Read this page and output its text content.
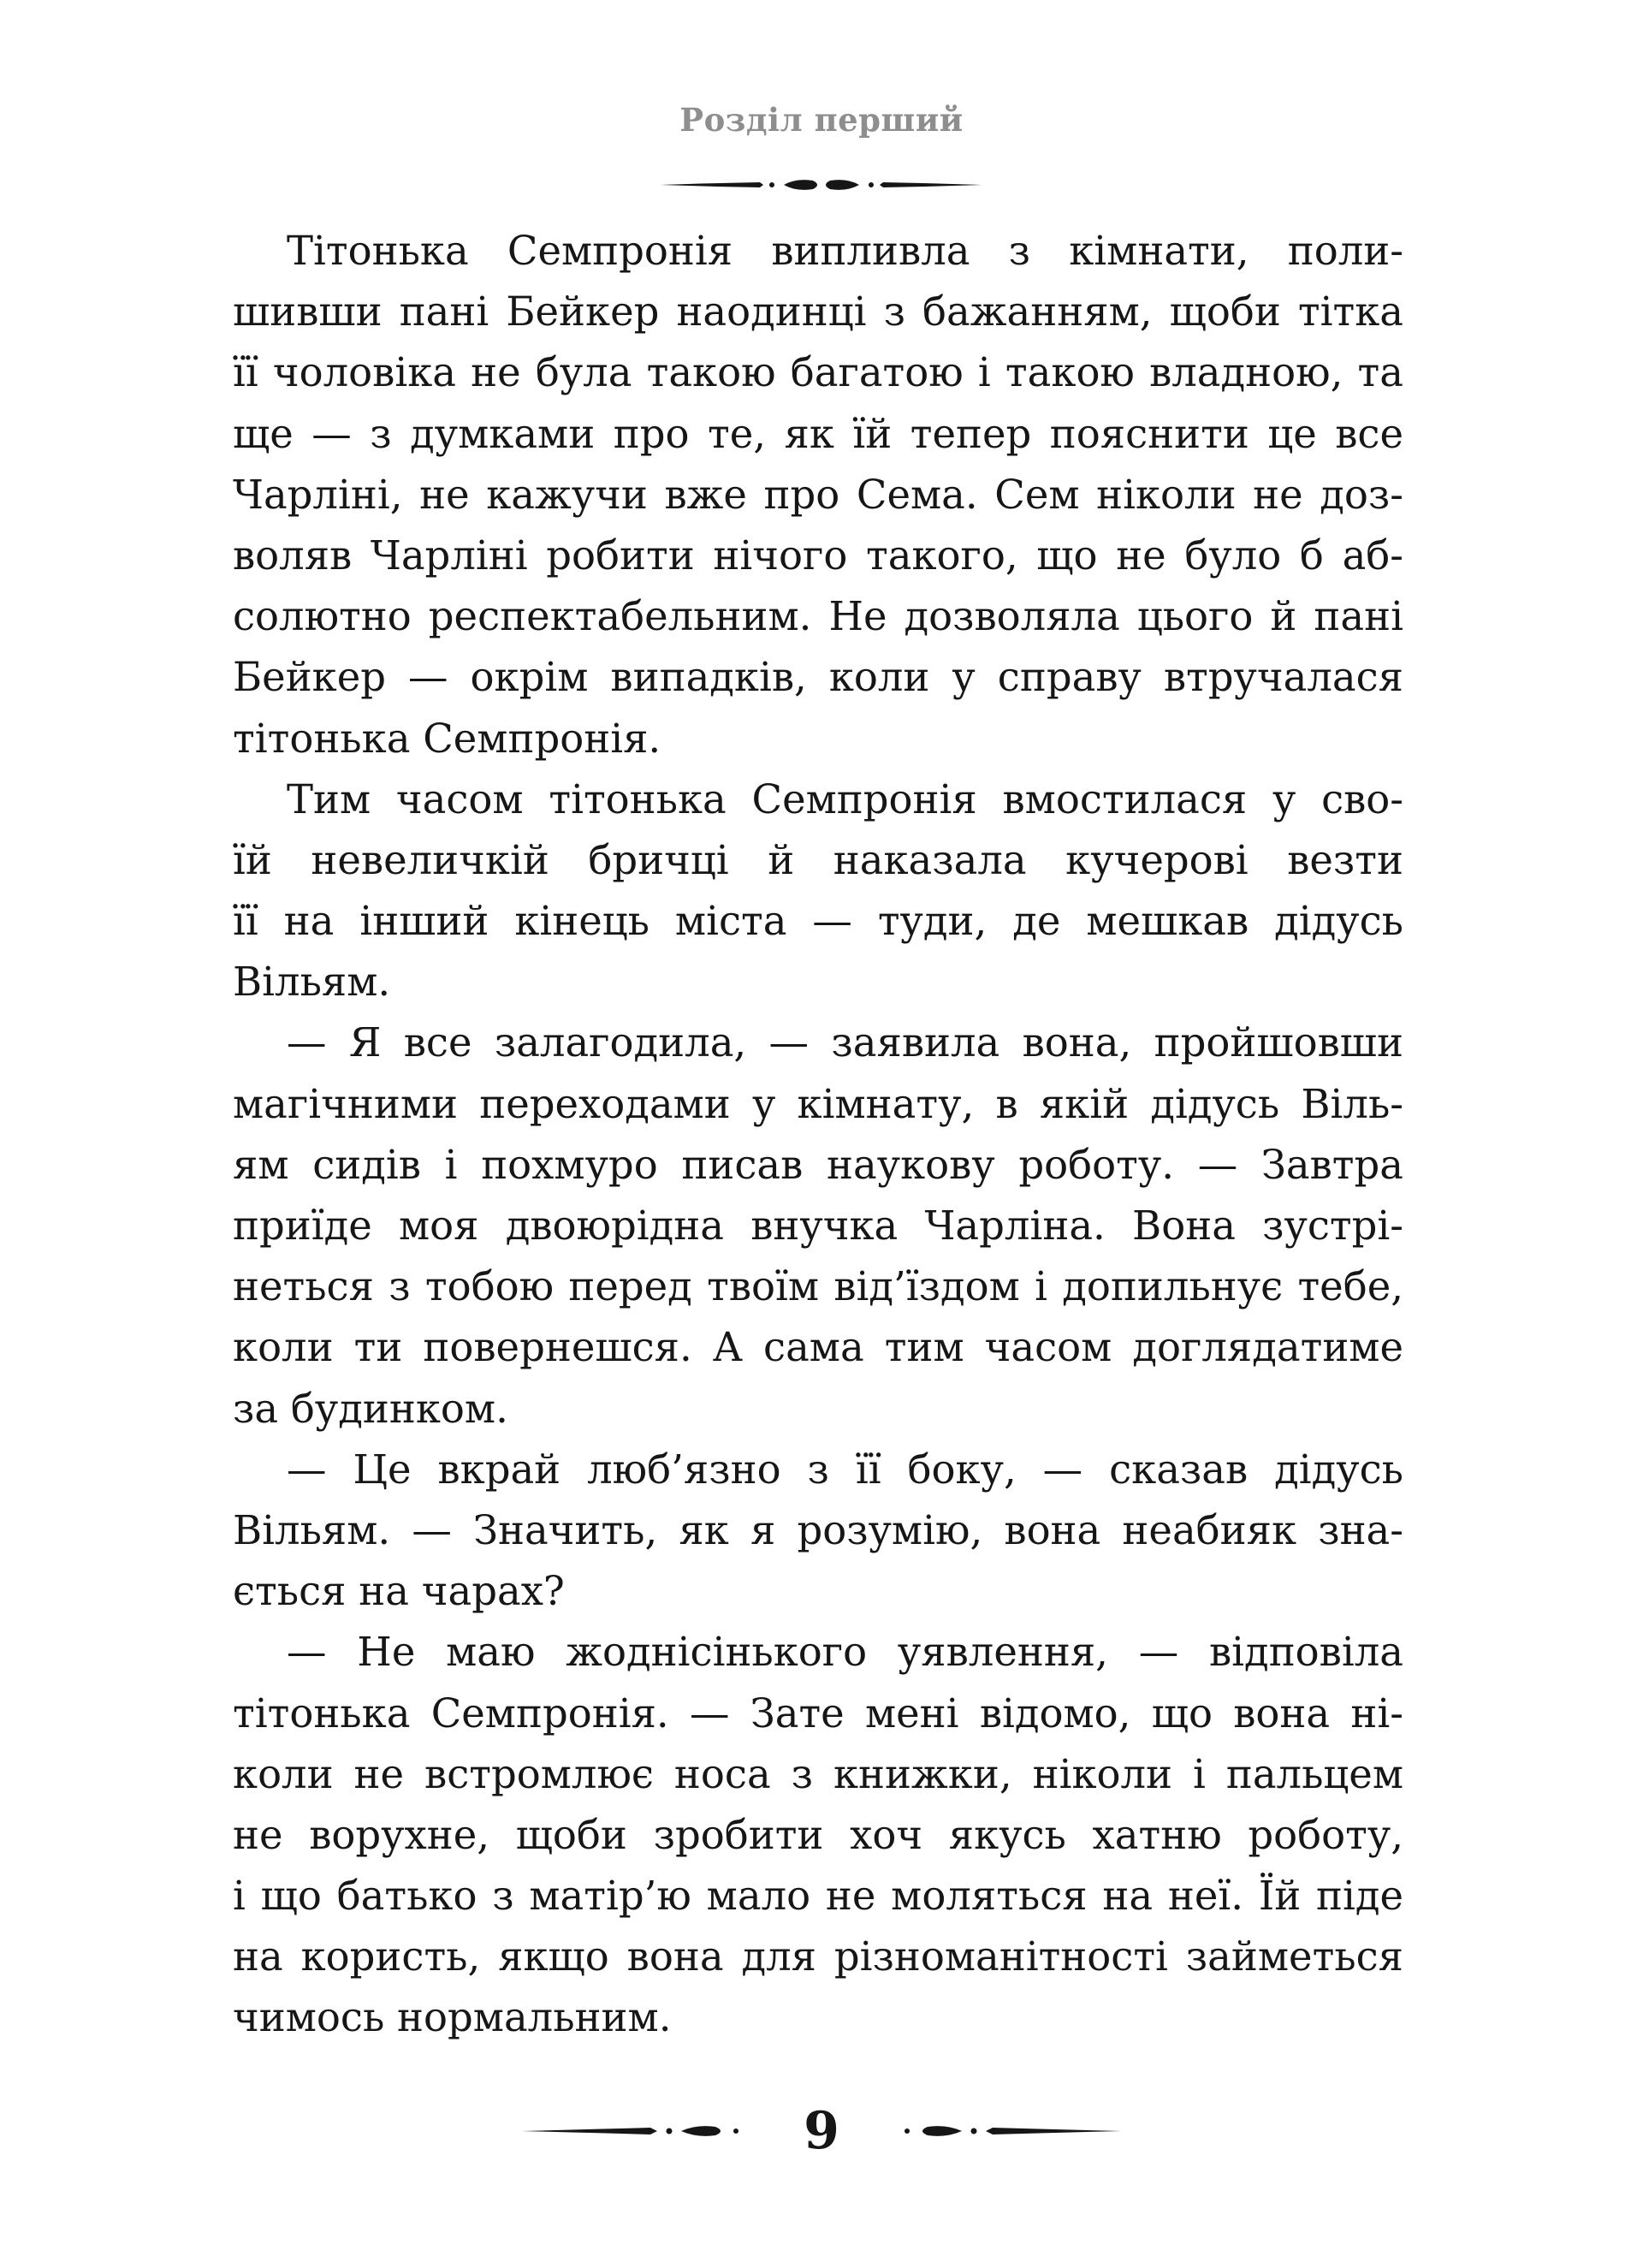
Розділ перший
Тітонька Семпронія випливла з кімнати, поли-
шивши пані Бейкер наодинці з бажанням, щоби тітка
її чоловіка не була такою багатою і такою владною, та
ще — з думками про те, як їй тепер пояснити це все
Чарліні, не кажучи вже про Сема. Сем ніколи не доз-
воляв Чарліні робити нічого такого, що не було б аб-
солютно респектабельним. Не дозволяла цього й пані
Бейкер — окрім випадків, коли у справу втручалася
тітонька Семпронія.
Тим часом тітонька Семпронія вмостилася у сво-
їй невеличкій бричці й наказала кучерові везти
її на інший кінець міста — туди, де мешкав дідусь
Вільям.
— Я все залагодила, — заявила вона, пройшовши
магічними переходами у кімнату, в якій дідусь Віль-
ям сидів і похмуро писав наукову роботу. — Завтра
приїде моя двоюрідна внучка Чарліна. Вона зустрі-
неться з тобою перед твоїм від’їздом і допильнує тебе,
коли ти повернешся. А сама тим часом доглядатиме
за будинком.
— Це вкрай люб’язно з її боку, — сказав дідусь
Вільям. — Значить, як я розумію, вона неабияк зна-
ється на чарах?
— Не маю жоднісінького уявлення, — відповіла
тітонька Семпронія. — Зате мені відомо, що вона ні-
коли не встромлює носа з книжки, ніколи і пальцем
не ворухне, щоби зробити хоч якусь хатню роботу,
і що батько з матір’ю мало не моляться на неї. Їй піде
на користь, якщо вона для різноманітності займеться
чимось нормальним.
9
